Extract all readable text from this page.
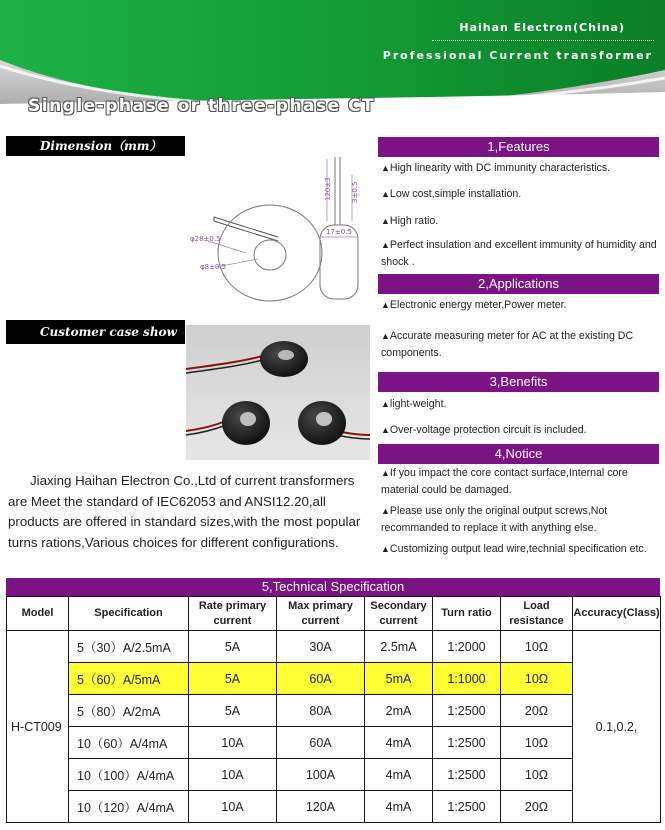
Haihan Electron(China)
Professional Current transformer
Single-phase or three-phase CT
Dimension（mm）
φ28±0.5
φ8±0.5
120±3	3±0.5
17±0.5
Customer case show
Jiaxing Haihan Electron Co.,Ltd of current transformers are Meet the standard of IEC62053 and ANSI12.20,all products are offered in standard sizes,with the most popular turns rations,Various choices for different configurations.
1,Features
▲High linearity with DC immunity characteristics.
▲Low cost,simple installation.
▲High ratio.
▲Perfect insulation and excellent immunity of humidity and shock .
2,Applications
▲Electronic energy meter,Power meter.
▲Accurate measuring meter for AC at the existing DC components.
3,Benefits
▲light-weight.
▲Over-voltage protection circuit is included.
4,Notice
▲If you impact the core contact surface,Internal core material could be damaged.
▲Please use only the original output screws,Not recommanded to replace it with anything else.
▲Customizing output lead wire,technial specification etc.
5,Technical Specification
Model	Specification	Rate primary current	Max primary current	Secondary current	Turn ratio	Load resistance	Accuracy(Class)
H-CT009	5（30）A/2.5mA	5A	30A	2.5mA	1:2000	10Ω	0.1,0.2,
	5（60）A/5mA	5A	60A	5mA	1:1000	10Ω	
	5（80）A/2mA	5A	80A	2mA	1:2500	20Ω	
	10（60）A/4mA	10A	60A	4mA	1:2500	10Ω	
	10（100）A/4mA	10A	100A	4mA	1:2500	10Ω	
	10（120）A/4mA	10A	120A	4mA	1:2500	20Ω	
